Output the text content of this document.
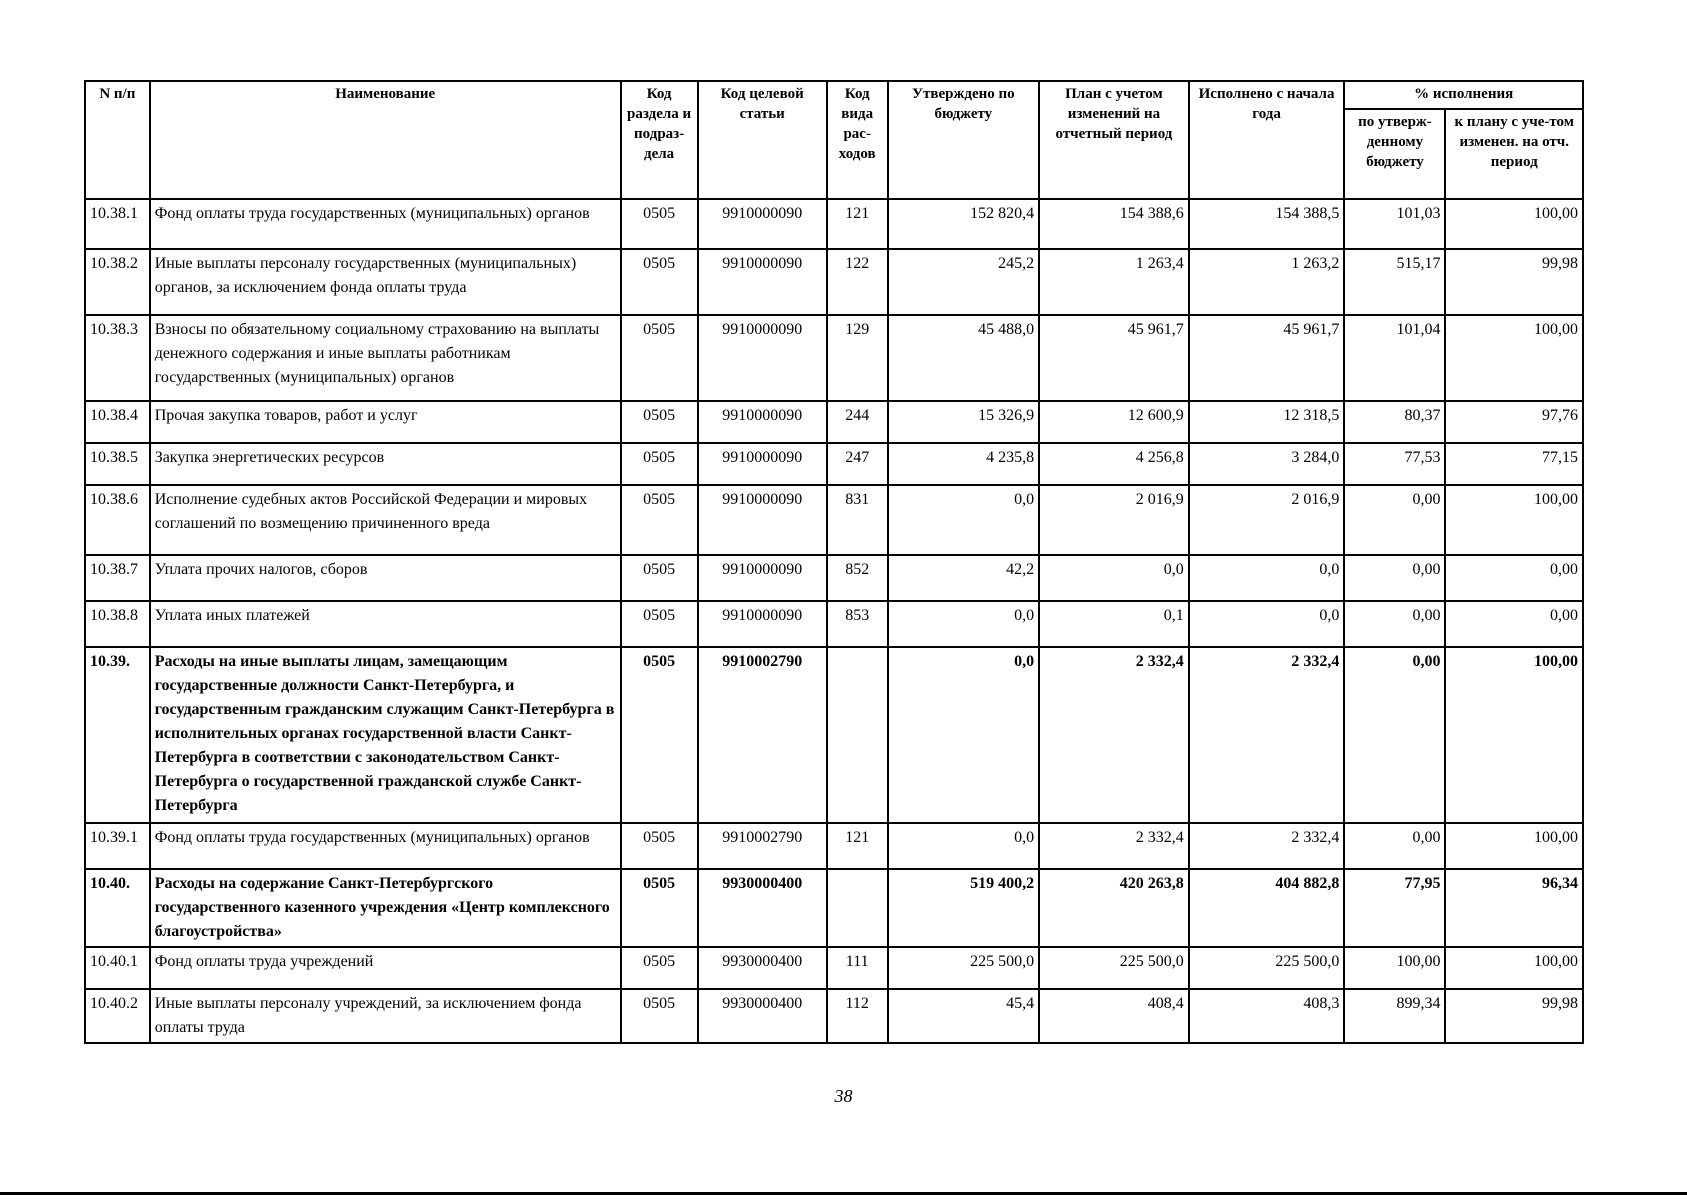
N п/п	Наименование	Код раздела и подраз-дела	Код целевой статьи	Код вида рас-ходов	Утверждено по бюджету	План с учетом изменений на отчетный период	Исполнено с начала года	% исполнения	
								по утверж-денному бюджету	к плану с уче-том изменен. на отч. период
10.38.1	Фонд оплаты труда государственных (муниципальных) органов	0505	9910000090	121	152 820,4	154 388,6	154 388,5	101,03	100,00
10.38.2	Иные выплаты персоналу государственных (муниципальных) органов, за исключением фонда оплаты труда	0505	9910000090	122	245,2	1 263,4	1 263,2	515,17	99,98
10.38.3	Взносы по обязательному социальному страхованию на выплаты денежного содержания и иные выплаты работникам государственных (муниципальных) органов	0505	9910000090	129	45 488,0	45 961,7	45 961,7	101,04	100,00
10.38.4	Прочая закупка товаров, работ и услуг	0505	9910000090	244	15 326,9	12 600,9	12 318,5	80,37	97,76
10.38.5	Закупка энергетических ресурсов	0505	9910000090	247	4 235,8	4 256,8	3 284,0	77,53	77,15
10.38.6	Исполнение судебных актов Российской Федерации и мировых соглашений по возмещению причиненного вреда	0505	9910000090	831	0,0	2 016,9	2 016,9	0,00	100,00
10.38.7	Уплата прочих налогов, сборов	0505	9910000090	852	42,2	0,0	0,0	0,00	0,00
10.38.8	Уплата иных платежей	0505	9910000090	853	0,0	0,1	0,0	0,00	0,00
10.39.	Расходы на иные выплаты лицам, замещающим государственные должности Санкт-Петербурга, и государственным гражданским служащим Санкт-Петербурга в исполнительных органах государственной власти Санкт-Петербурга в соответствии с законодательством Санкт-Петербурга о государственной гражданской службе Санкт-Петербурга	0505	9910002790		0,0	2 332,4	2 332,4	0,00	100,00
10.39.1	Фонд оплаты труда государственных (муниципальных) органов	0505	9910002790	121	0,0	2 332,4	2 332,4	0,00	100,00
10.40.	Расходы на содержание Санкт-Петербургского государственного казенного учреждения «Центр комплексного благоустройства»	0505	9930000400		519 400,2	420 263,8	404 882,8	77,95	96,34
10.40.1	Фонд оплаты труда учреждений	0505	9930000400	111	225 500,0	225 500,0	225 500,0	100,00	100,00
10.40.2	Иные выплаты персоналу учреждений, за исключением фонда оплаты труда	0505	9930000400	112	45,4	408,4	408,3	899,34	99,98
38
